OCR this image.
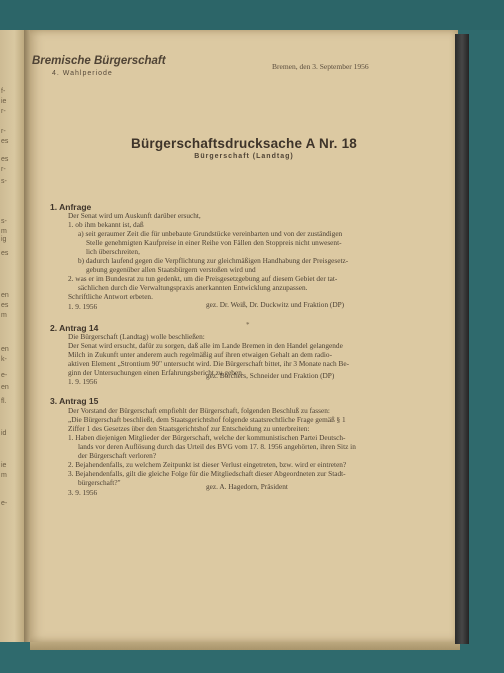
f-
ie
r-
r-
es
es
r-
s-
s-
m
ig
es
en
es
m
en
k-
e-
en
fl.
id
ie
m
e-
Bremische Bürgerschaft
4. Wahlperiode
Bremen, den 3. September 1956
Bürgerschaftsdrucksache A Nr. 18
Bürgerschaft (Landtag)
1. Anfrage
Der Senat wird um Auskunft darüber ersucht,
1. ob ihm bekannt ist, daß
a) seit geraumer Zeit die für unbebaute Grundstücke vereinbarten und von der zuständigen
Stelle genehmigten Kaufpreise in einer Reihe von Fällen den Stoppreis nicht unwesent-
lich überschreiten,
b) dadurch laufend gegen die Verpflichtung zur gleichmäßigen Handhabung der Preisgesetz-
gebung gegenüber allen Staatsbürgern verstoßen wird und
2. was er im Bundesrat zu tun gedenkt, um die Preisgesetzgebung auf diesem Gebiet der tat-
sächlichen durch die Verwaltungspraxis anerkannten Entwicklung anzupassen.
Schriftliche Antwort erbeten.
*
1. 9. 1956	gez. Dr. Weiß, Dr. Duckwitz und Fraktion (DP)
2. Antrag 14
Die Bürgerschaft (Landtag) wolle beschließen:
Der Senat wird ersucht, dafür zu sorgen, daß alle im Lande Bremen in den Handel gelangende
Milch in Zukunft unter anderem auch regelmäßig auf ihren etwaigen Gehalt an dem radio-
aktiven Element „Strontium 90" untersucht wird. Die Bürgerschaft bittet, ihr 3 Monate nach Be-
ginn der Untersuchungen einen Erfahrungsbericht zu geben.
1. 9. 1956
gez. Borchers, Schneider und Fraktion (DP)
3. Antrag 15
Der Vorstand der Bürgerschaft empfiehlt der Bürgerschaft, folgenden Beschluß zu fassen:
„Die Bürgerschaft beschließt, dem Staatsgerichtshof folgende staatsrechtliche Frage gemäß § 1
Ziffer 1 des Gesetzes über den Staatsgerichtshof zur Entscheidung zu unterbreiten:
1. Haben diejenigen Mitglieder der Bürgerschaft, welche der kommunistischen Partei Deutsch-
lands vor deren Auflösung durch das Urteil des BVG vom 17. 8. 1956 angehörten, ihren Sitz in
der Bürgerschaft verloren?
2. Bejahendenfalls, zu welchem Zeitpunkt ist dieser Verlust eingetreten, bzw. wird er eintreten?
3. Bejahendenfalls, gilt die gleiche Folge für die Mitgliedschaft dieser Abgeordneten zur Stadt-
bürgerschaft?"
3. 9. 1956
gez. A. Hagedorn, Präsident
